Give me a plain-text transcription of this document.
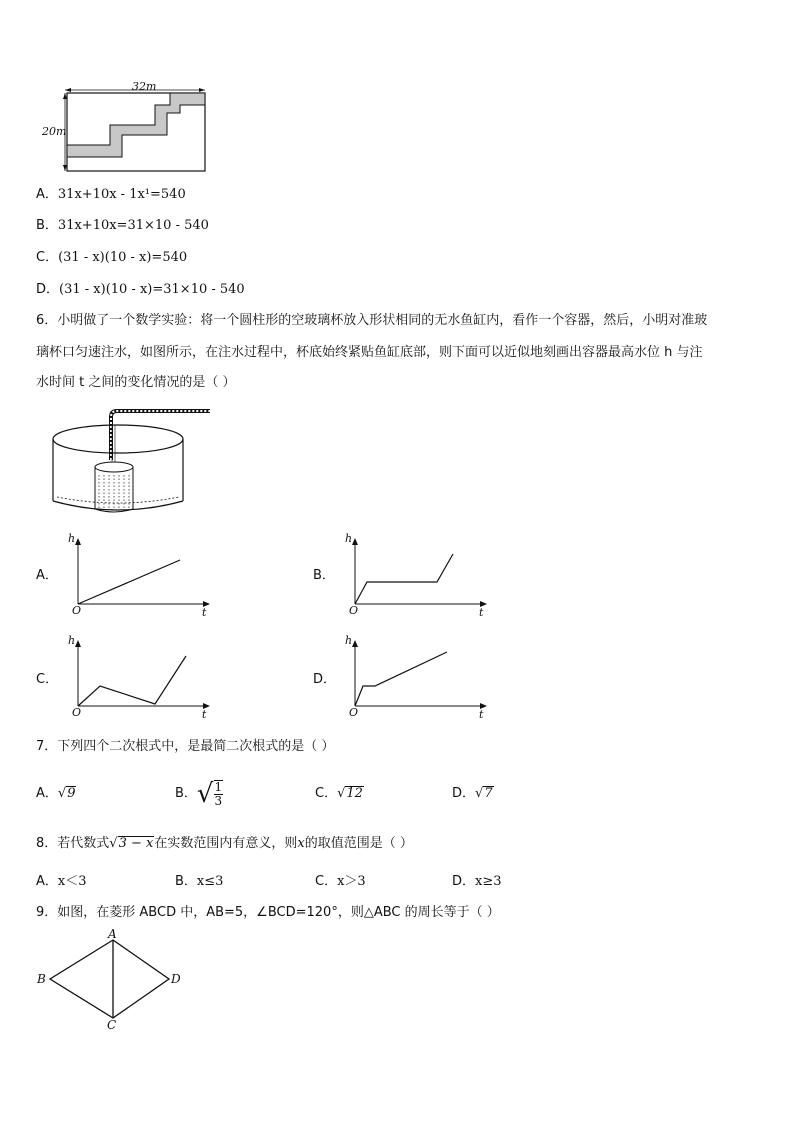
32m
20m
A．31x+10x - 1x¹=540
B．31x+10x=31×10 - 540
C．(31 - x)(10 - x)=540
D．(31 - x)(10 - x)=31×10 - 540
6．小明做了一个数学实验：将一个圆柱形的空玻璃杯放入形状相同的无水鱼缸内，看作一个容器，然后，小明对准玻
璃杯口匀速注水，如图所示，在注水过程中，杯底始终紧贴鱼缸底部，则下面可以近似地刻画出容器最高水位 h 与注
水时间 t 之间的变化情况的是（ ）
A．
h
t
O
B．
h
t
O
C．
h
t
O
D．
h
t
O
7．下列四个二次根式中，是最简二次根式的是（ ）
A．√9	B． √ $\frac{1}{3}$	C．√12	D．√7
8．若代数式√3 − x在实数范围内有意义，则x的取值范围是（ ）
A．x＜3	B．x≤3	C．x＞3	D．x≥3
9．如图，在菱形 ABCD 中，AB=5，∠BCD=120°，则△ABC 的周长等于（ ）
A
B
C
D
